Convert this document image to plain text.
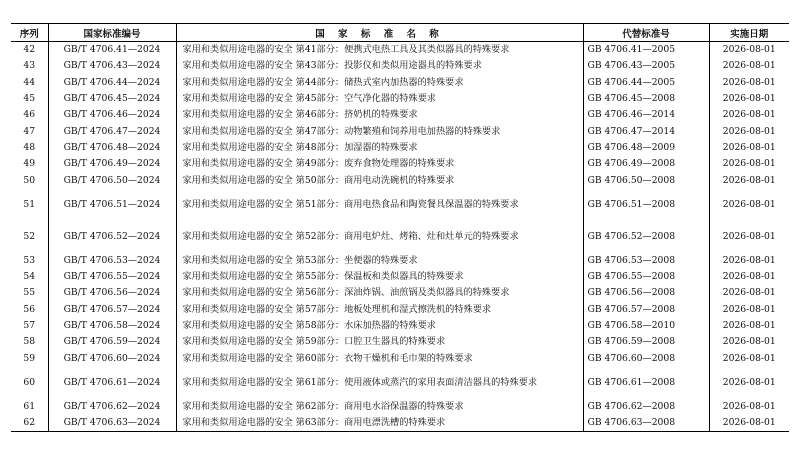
序列	国家标准编号	国 家 标 准 名 称	代替标准号	实施日期
42	GB/T 4706.41—2024	家用和类似用途电器的安全 第41部分：便携式电热工具及其类似器具的特殊要求	GB 4706.41—2005	2026-08-01
43	GB/T 4706.43—2024	家用和类似用途电器的安全 第43部分：投影仪和类似用途器具的特殊要求	GB 4706.43—2005	2026-08-01
44	GB/T 4706.44—2024	家用和类似用途电器的安全 第44部分：储热式室内加热器的特殊要求	GB 4706.44—2005	2026-08-01
45	GB/T 4706.45—2024	家用和类似用途电器的安全 第45部分：空气净化器的特殊要求	GB 4706.45—2008	2026-08-01
46	GB/T 4706.46—2024	家用和类似用途电器的安全 第46部分：挤奶机的特殊要求	GB 4706.46—2014	2026-08-01
47	GB/T 4706.47—2024	家用和类似用途电器的安全 第47部分：动物繁殖和饲养用电加热器的特殊要求	GB 4706.47—2014	2026-08-01
48	GB/T 4706.48—2024	家用和类似用途电器的安全 第48部分：加湿器的特殊要求	GB 4706.48—2009	2026-08-01
49	GB/T 4706.49—2024	家用和类似用途电器的安全 第49部分：废弃食物处理器的特殊要求	GB 4706.49—2008	2026-08-01
50	GB/T 4706.50—2024	家用和类似用途电器的安全 第50部分：商用电动洗碗机的特殊要求	GB 4706.50—2008	2026-08-01
51	GB/T 4706.51—2024	家用和类似用途电器的安全 第51部分：商用电热食品和陶瓷餐具保温器的特殊要求	GB 4706.51—2008	2026-08-01
52	GB/T 4706.52—2024	家用和类似用途电器的安全 第52部分：商用电炉灶、烤箱、灶和灶单元的特殊要求	GB 4706.52—2008	2026-08-01
53	GB/T 4706.53—2024	家用和类似用途电器的安全 第53部分：坐便器的特殊要求	GB 4706.53—2008	2026-08-01
54	GB/T 4706.55—2024	家用和类似用途电器的安全 第55部分：保温板和类似器具的特殊要求	GB 4706.55—2008	2026-08-01
55	GB/T 4706.56—2024	家用和类似用途电器的安全 第56部分：深油炸锅、油煎锅及类似器具的特殊要求	GB 4706.56—2008	2026-08-01
56	GB/T 4706.57—2024	家用和类似用途电器的安全 第57部分：地板处理机和湿式擦洗机的特殊要求	GB 4706.57—2008	2026-08-01
57	GB/T 4706.58—2024	家用和类似用途电器的安全 第58部分：水床加热器的特殊要求	GB 4706.58—2010	2026-08-01
58	GB/T 4706.59—2024	家用和类似用途电器的安全 第59部分：口腔卫生器具的特殊要求	GB 4706.59—2008	2026-08-01
59	GB/T 4706.60—2024	家用和类似用途电器的安全 第60部分：衣物干燥机和毛巾架的特殊要求	GB 4706.60—2008	2026-08-01
60	GB/T 4706.61—2024	家用和类似用途电器的安全 第61部分：使用液体或蒸汽的家用表面清洁器具的特殊要求	GB 4706.61—2008	2026-08-01
61	GB/T 4706.62—2024	家用和类似用途电器的安全 第62部分：商用电水浴保温器的特殊要求	GB 4706.62—2008	2026-08-01
62	GB/T 4706.63—2024	家用和类似用途电器的安全 第63部分：商用电漂洗槽的特殊要求	GB 4706.63—2008	2026-08-01
